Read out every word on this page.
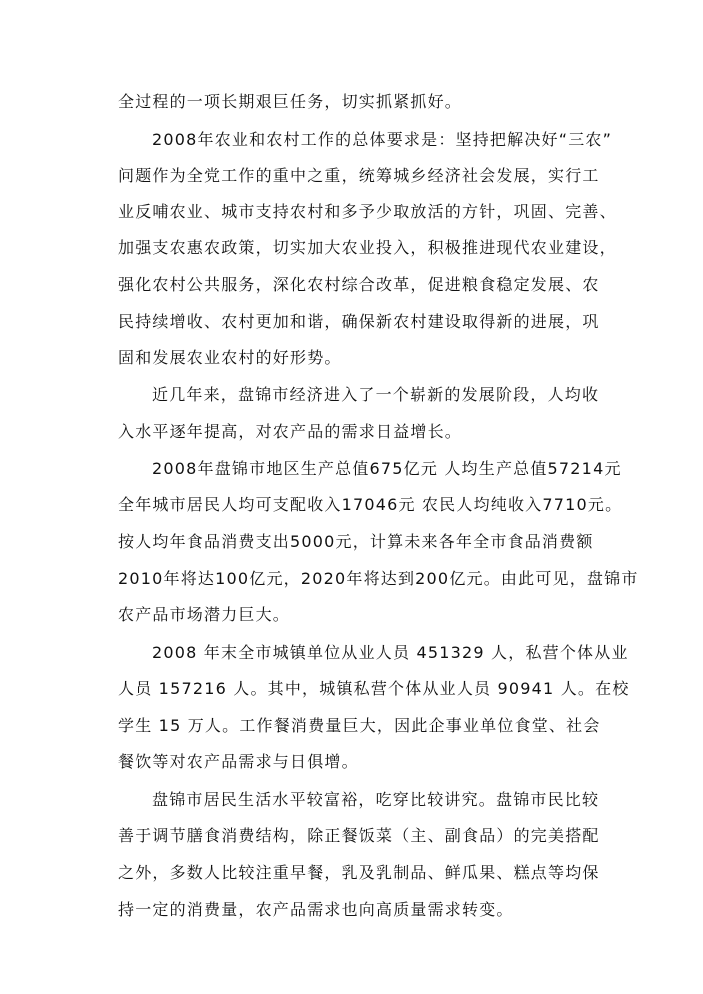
全过程的一项长期艰巨任务，切实抓紧抓好。
2008年农业和农村工作的总体要求是：坚持把解决好“三农”
问题作为全党工作的重中之重，统筹城乡经济社会发展，实行工
业反哺农业、城市支持农村和多予少取放活的方针，巩固、完善、
加强支农惠农政策，切实加大农业投入，积极推进现代农业建设，
强化农村公共服务，深化农村综合改革，促进粮食稳定发展、农
民持续增收、农村更加和谐，确保新农村建设取得新的进展，巩
固和发展农业农村的好形势。
近几年来，盘锦市经济进入了一个崭新的发展阶段，人均收
入水平逐年提高，对农产品的需求日益增长。
2008年盘锦市地区生产总值675亿元 人均生产总值57214元
全年城市居民人均可支配收入17046元 农民人均纯收入7710元。
按人均年食品消费支出5000元，计算未来各年全市食品消费额
2010年将达100亿元，2020年将达到200亿元。由此可见，盘锦市
农产品市场潜力巨大。
2008 年末全市城镇单位从业人员 451329 人，私营个体从业
人员 157216 人。其中，城镇私营个体从业人员 90941 人。在校
学生 15 万人。工作餐消费量巨大，因此企事业单位食堂、社会
餐饮等对农产品需求与日俱增。
盘锦市居民生活水平较富裕，吃穿比较讲究。盘锦市民比较
善于调节膳食消费结构，除正餐饭菜（主、副食品）的完美搭配
之外，多数人比较注重早餐，乳及乳制品、鲜瓜果、糕点等均保
持一定的消费量，农产品需求也向高质量需求转变。
